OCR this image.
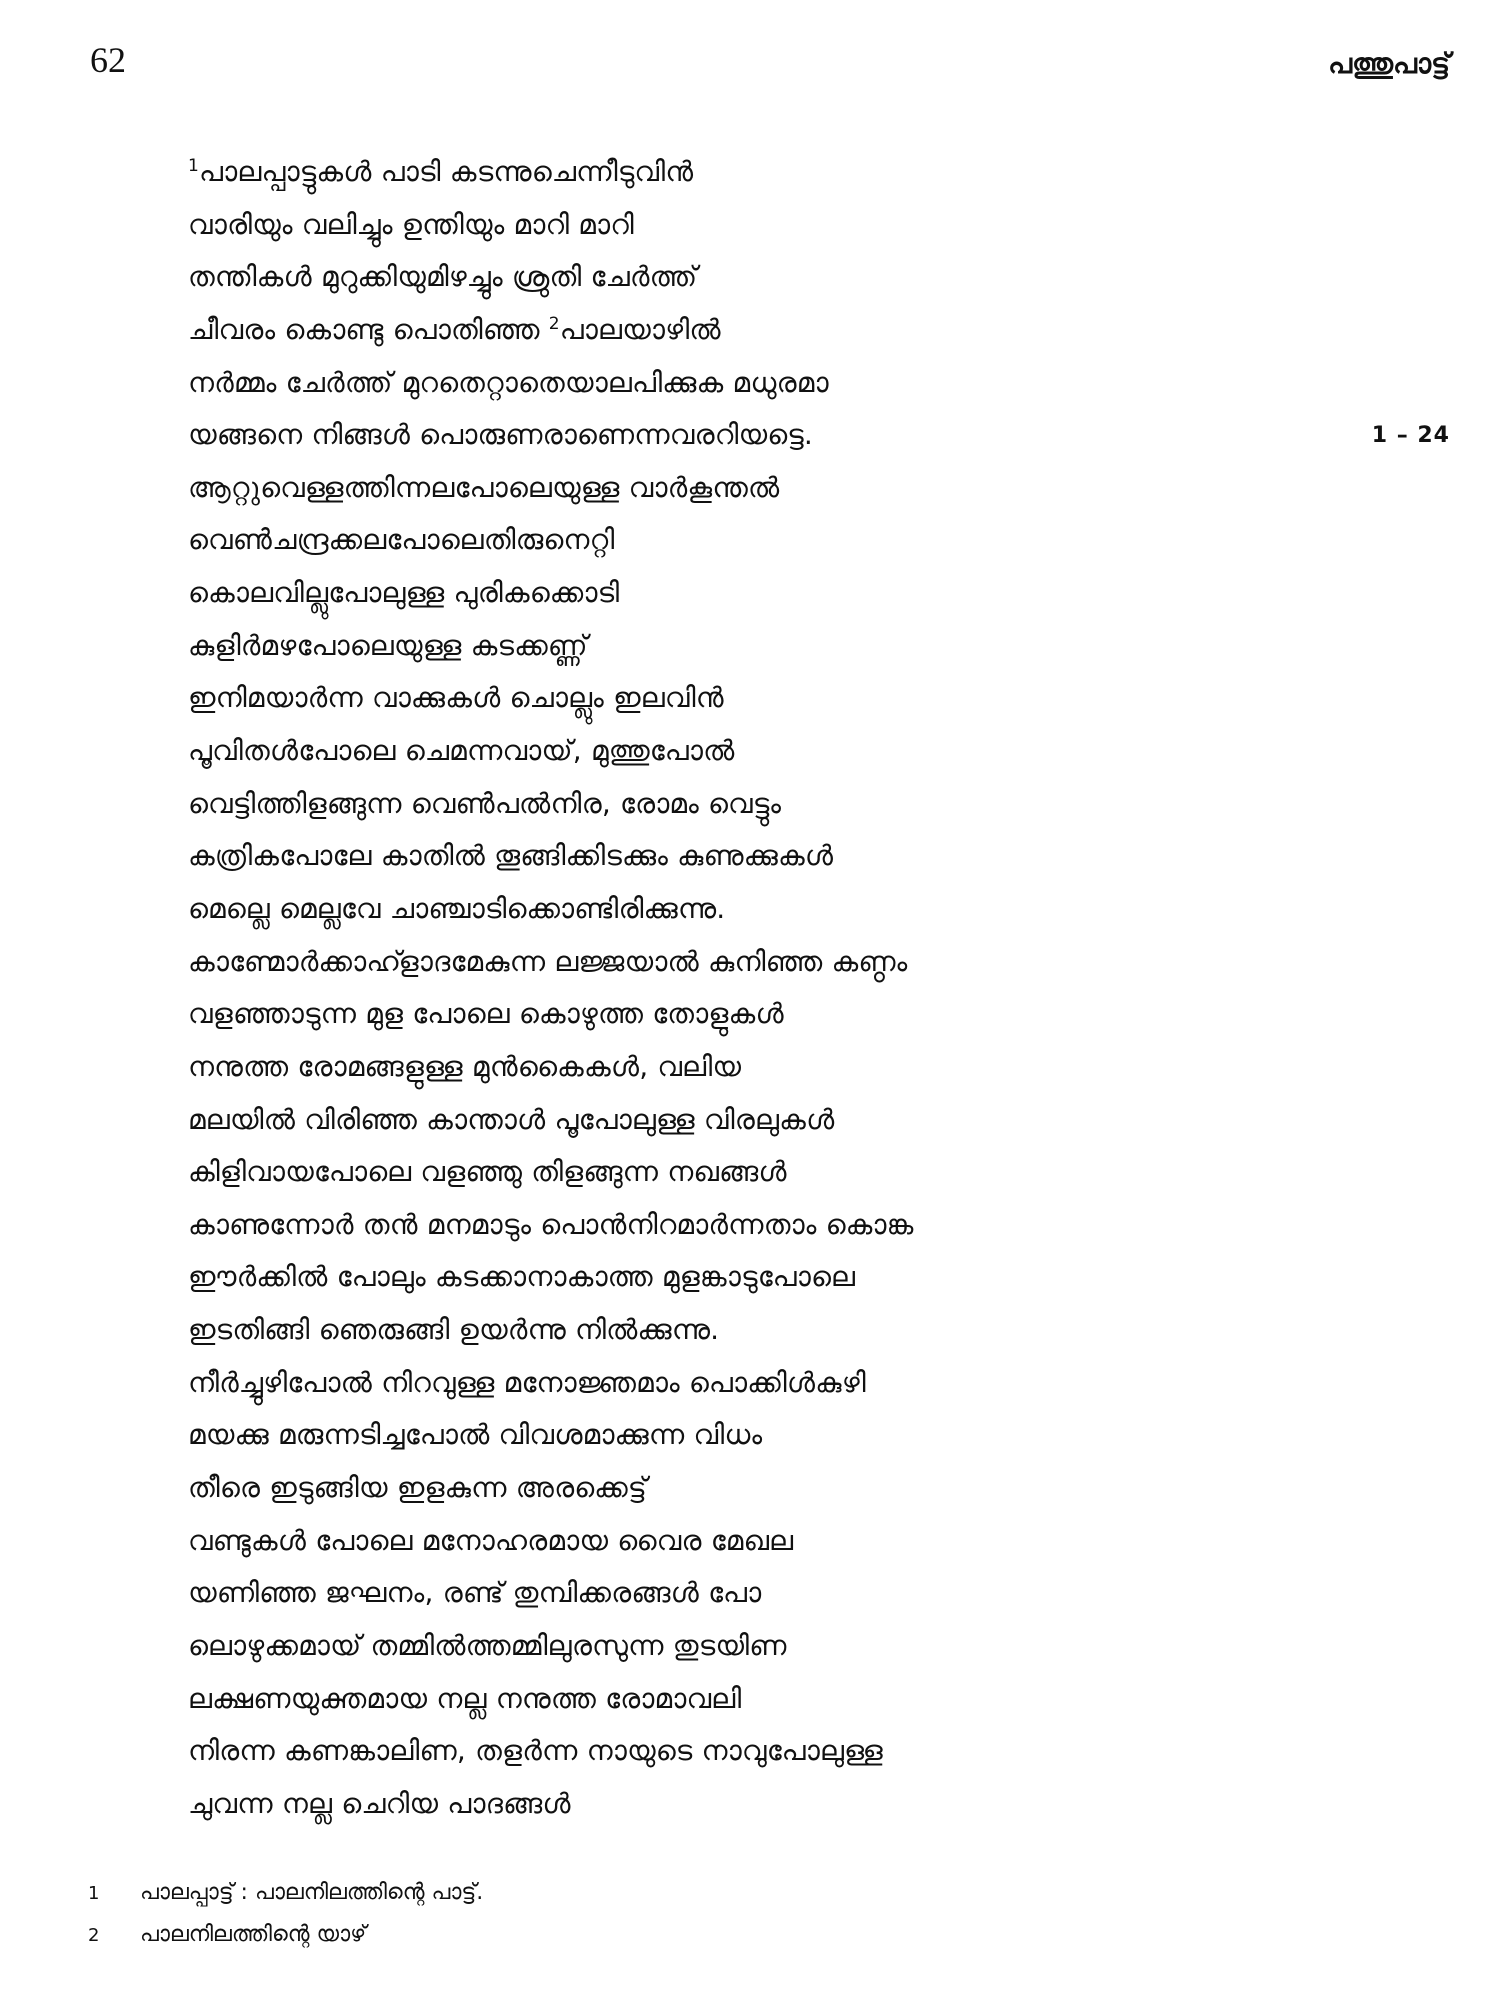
62	പത്തുപാട്ട്
1 – 24
$^1$പാലപ്പാട്ടുകൾ പാടി കടന്നുചെന്നീടുവിൻ
വാരിയും വലിച്ചും ഉന്തിയും മാറി മാറി
തന്തികൾ മുറുക്കിയുമിഴച്ചും ശ്രുതി ചേർത്ത്
ചീവരം കൊണ്ടു പൊതിഞ്ഞ $^2$പാലയാഴിൽ
നർമ്മം ചേർത്ത് മുറതെറ്റാതെയാലപിക്കുക മധുരമാ
യങ്ങനെ നിങ്ങൾ പൊരുണരാണെന്നവരറിയട്ടെ.
ആറ്റുവെള്ളത്തിന്നലപോലെയുള്ള വാർകൂന്തൽ
വെൺചന്ദ്രക്കലപോലെതിരുനെറ്റി
കൊലവില്ലുപോലുള്ള പുരികക്കൊടി
കുളിർമഴപോലെയുള്ള കടക്കണ്ണ്
ഇനിമയാർന്ന വാക്കുകൾ ചൊല്ലും ഇലവിൻ
പൂവിതൾപോലെ ചെമന്നവായ്, മുത്തുപോൽ
വെട്ടിത്തിളങ്ങുന്ന വെൺപൽനിര, രോമം വെട്ടും
കത്രികപോലേ കാതിൽ തൂങ്ങിക്കിടക്കും കുണുക്കുകൾ
മെല്ലെ മെല്ലവേ ചാഞ്ചാടിക്കൊണ്ടിരിക്കുന്നു.
കാണ്മോർക്കാഹ്ളാദമേകുന്ന ലജ്ജയാൽ കുനിഞ്ഞ കണ്ഠം
വളഞ്ഞാടുന്ന മുള പോലെ കൊഴുത്ത തോളുകൾ
നനുത്ത രോമങ്ങളുള്ള മുൻകൈകൾ, വലിയ
മലയിൽ വിരിഞ്ഞ കാന്താൾ പൂപോലുള്ള വിരലുകൾ
കിളിവായപോലെ വളഞ്ഞു തിളങ്ങുന്ന നഖങ്ങൾ
കാണുന്നോർ തൻ മനമാടും പൊൻനിറമാർന്നതാം കൊങ്ക
ഈർക്കിൽ പോലും കടക്കാനാകാത്ത മുളങ്കാടുപോലെ
ഇടതിങ്ങി ഞെരുങ്ങി ഉയർന്നു നിൽക്കുന്നു.
നീർച്ചുഴിപോൽ നിറവുള്ള മനോജ്ഞമാം പൊക്കിൾകുഴി
മയക്കു മരുന്നടിച്ചപോൽ വിവശമാക്കുന്ന വിധം
തീരെ ഇടുങ്ങിയ ഇളകുന്ന അരക്കെട്ട്
വണ്ടുകൾ പോലെ മനോഹരമായ വൈര മേഖല
യണിഞ്ഞ ജഘനം, രണ്ട് തുമ്പിക്കരങ്ങൾ പോ
ലൊഴുക്കമായ് തമ്മിൽത്തമ്മിലുരസുന്ന തുടയിണ
ലക്ഷണയുക്തമായ നല്ല നനുത്ത രോമാവലി
നിരന്ന കണങ്കാലിണ, തളർന്ന നായുടെ നാവുപോലുള്ള
ചുവന്ന നല്ല ചെറിയ പാദങ്ങൾ
1 പാലപ്പാട്ട് : പാലനിലത്തിന്റെ പാട്ട്.
2 പാലനിലത്തിന്റെ യാഴ്
